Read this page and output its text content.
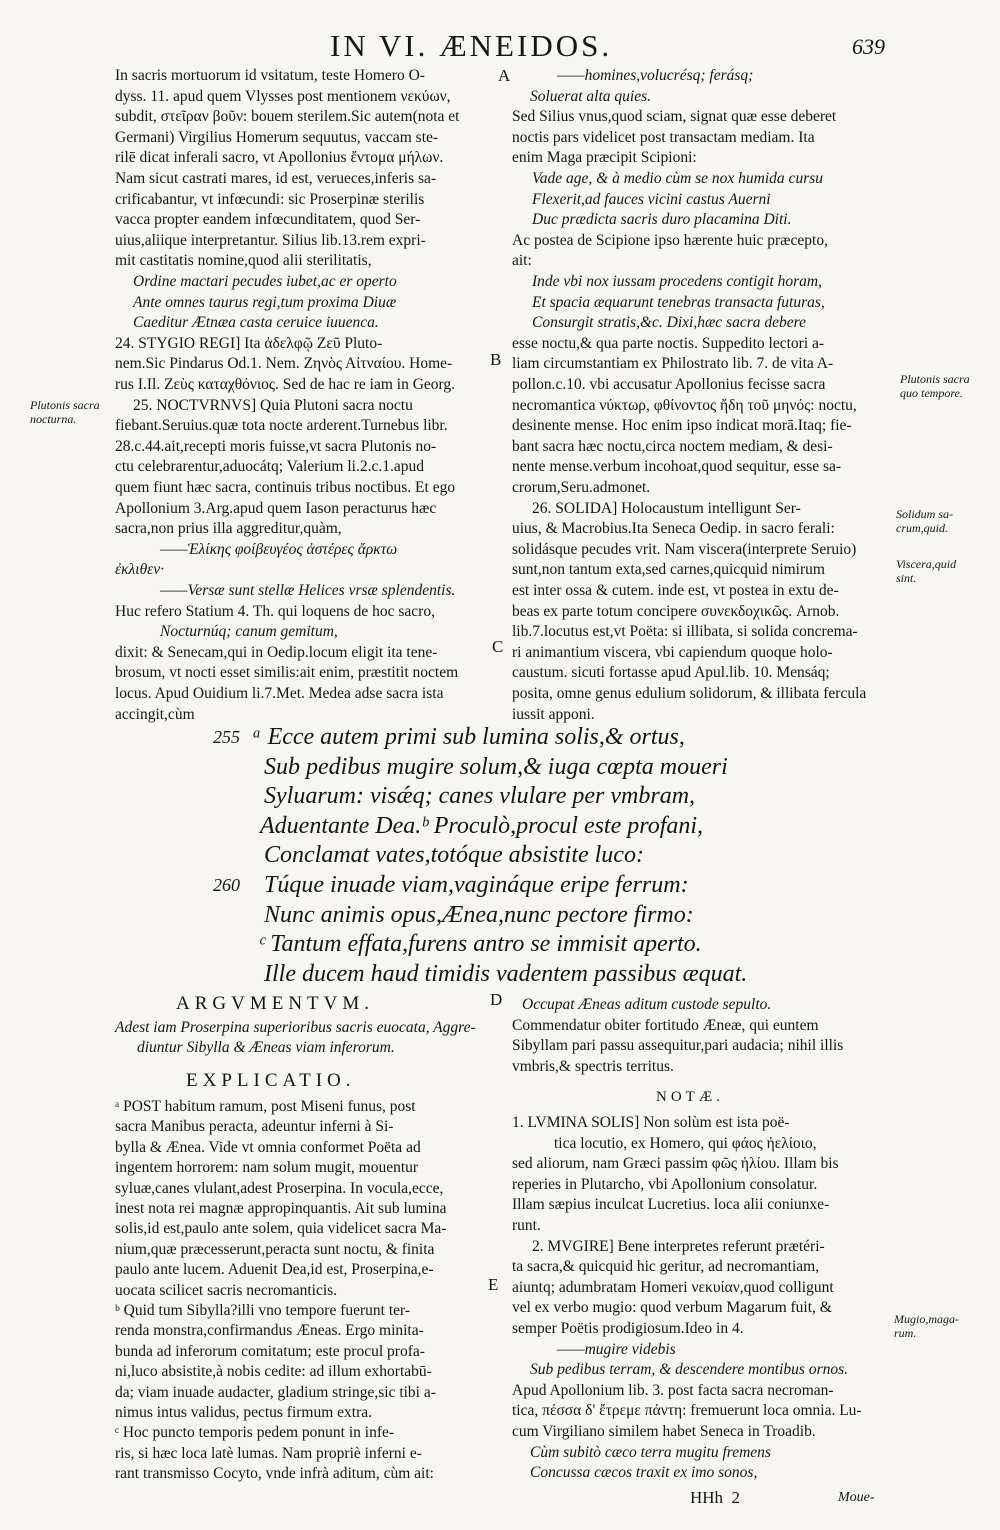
IN VI. ÆNEIDOS.	639
A
B
C
D
E
Plutonis sacra
nocturna.
Plutonis sacra
quo tempore.
Solidum sa-
crum,quid.
Viscera,quid
sint.
Mugio,maga-
rum.
In sacris mortuorum id vsitatum, teste Homero O-
dyss. 11. apud quem Vlysses post mentionem νεκύων,
subdit, στεῖραν βοῦν: bouem sterilem.Sic autem(nota et
Germani) Virgilius Homerum sequutus, vaccam ste-
rilē dicat inferali sacro, vt Apollonius ἔντομα μήλων.
Nam sicut castrati mares, id est, verueces,inferis sa-
crificabantur, vt infœcundi: sic Proserpinæ sterilis
vacca propter eandem infœcunditatem, quod Ser-
uius,aliique interpretantur. Silius lib.13.rem expri-
mit castitatis nomine,quod alii sterilitatis,
Ordine mactari pecudes iubet,ac er operto
Ante omnes taurus regi,tum proxima Diuæ
Caeditur Ætnæa casta ceruice iuuenca.
24. STYGIO REGI] Ita ἀδελφῷ Ζεῦ Pluto-
nem.Sic Pindarus Od.1. Nem. Ζηνὸς Αἰτναίου. Home-
rus I.Il. Ζεὺς καταχθόνιος. Sed de hac re iam in Georg.
25. NOCTVRNVS] Quia Plutoni sacra noctu
fiebant.Seruius.quæ tota nocte arderent.Turnebus libr.
28.c.44.ait,recepti moris fuisse,vt sacra Plutonis no-
ctu celebrarentur,aduocátq; Valerium li.2.c.1.apud
quem fiunt hæc sacra, continuis tribus noctibus. Et ego
Apollonium 3.Arg.apud quem Iason peracturus hæc
sacra,non prius illa aggreditur,quàm,
——Ἑλίκης φοίβευγέος ἀστέρες ἄρκτω
ἐκλιθεν·
——Versæ sunt stellæ Helices vrsæ splendentis.
Huc refero Statium 4. Th. qui loquens de hoc sacro,
Nocturnúq; canum gemitum,
dixit: & Senecam,qui in Oedip.locum eligit ita tene-
brosum, vt nocti esset similis:ait enim, præstitit noctem
locus. Apud Ouidium li.7.Met. Medea adse sacra ista
accingit,cùm
——homines,volucrésq; ferásq;
Soluerat alta quies.
Sed Silius vnus,quod sciam, signat quæ esse deberet
noctis pars videlicet post transactam mediam. Ita
enim Maga præcipit Scipioni:
Vade age, & à medio cùm se nox humida cursu
Flexerit,ad fauces vicini castus Auerni
Duc prædicta sacris duro placamina Diti.
Ac postea de Scipione ipso hærente huic præcepto,
ait:
Inde vbi nox iussam procedens contigit horam,
Et spacia æquarunt tenebras transacta futuras,
Consurgit stratis,&c. Dixi,hæc sacra debere
esse noctu,& qua parte noctis. Suppedito lectori a-
liam circumstantiam ex Philostrato lib. 7. de vita A-
pollon.c.10. vbi accusatur Apollonius fecisse sacra
necromantica νύκτωρ, φθίνοντος ἤδη τοῦ μηνός: noctu,
desinente mense. Hoc enim ipso indicat morā.Itaq; fie-
bant sacra hæc noctu,circa noctem mediam, & desi-
nente mense.verbum incohoat,quod sequitur, esse sa-
crorum,Seru.admonet.
26. SOLIDA] Holocaustum intelligunt Ser-
uius, & Macrobius.Ita Seneca Oedip. in sacro ferali:
solidásque pecudes vrit. Nam viscera(interprete Seruio)
sunt,non tantum exta,sed carnes,quicquid nimirum
est inter ossa & cutem. inde est, vt postea in extu de-
beas ex parte totum concipere συνεκδοχικῶς. Arnob.
lib.7.locutus est,vt Poëta: si illibata, si solida concrema-
ri animantium viscera, vbi capiendum quoque holo-
caustum. sicuti fortasse apud Apul.lib. 10. Mensáq;
posita, omne genus edulium solidorum, & illibata fercula
iussit apponi.
255
260
ᵃ Ecce autem primi sub lumina solis,& ortus,
Sub pedibus mugire solum,& iuga cœpta moueri
Syluarum: visǽq; canes vlulare per vmbram,
Aduentante Dea.ᵇ Proculò,procul este profani,
Conclamat vates,totóque absistite luco:
Túque inuade viam,vagináque eripe ferrum:
Nunc animis opus,Ænea,nunc pectore firmo:
ᶜ Tantum effata,furens antro se immisit aperto.
Ille ducem haud timidis vadentem passibus æquat.
ARGVMENTVM.
Adest iam Proserpina superioribus sacris euocata, Aggre-
diuntur Sibylla & Æneas viam inferorum.
EXPLICATIO.
ᵃ POST habitum ramum, post Miseni funus, post
sacra Manibus peracta, adeuntur inferni à Si-
bylla & Ænea. Vide vt omnia conformet Poëta ad
ingentem horrorem: nam solum mugit, mouentur
syluæ,canes vlulant,adest Proserpina. In vocula,ecce,
inest nota rei magnæ appropinquantis. Ait sub lumina
solis,id est,paulo ante solem, quia videlicet sacra Ma-
nium,quæ præcesserunt,peracta sunt noctu, & finita
paulo ante lucem. Aduenit Dea,id est, Proserpina,e-
uocata scilicet sacris necromanticis.
ᵇ Quid tum Sibylla?illi vno tempore fuerunt ter-
renda monstra,confirmandus Æneas. Ergo minita-
bunda ad inferorum comitatum; este procul profa-
ni,luco absistite,à nobis cedite: ad illum exhortabū-
da; viam inuade audacter, gladium stringe,sic tibi a-
nimus intus validus, pectus firmum extra.
ᶜ Hoc puncto temporis pedem ponunt in infe-
ris, si hæc loca latè lumas. Nam propriè inferni e-
rant transmisso Cocyto, vnde infrà aditum, cùm ait:
Occupat Æneas aditum custode sepulto.
Commendatur obiter fortitudo Æneæ, qui euntem
Sibyllam pari passu assequitur,pari audacia; nihil illis
vmbris,& spectris territus.
NOTÆ.
1. LVMINA SOLIS] Non solùm est ista poë-
tica locutio, ex Homero, qui φάος ἠελίοιο,
sed aliorum, nam Græci passim φῶς ἡλίου. Illam bis
reperies in Plutarcho, vbi Apollonium consolatur.
Illam sæpius inculcat Lucretius. loca alii coniunxe-
runt.
2. MVGIRE] Bene interpretes referunt prætéri-
ta sacra,& quicquid hic geritur, ad necromantiam,
aiuntq; adumbratam Homeri νεκυίαν,quod colligunt
vel ex verbo mugio: quod verbum Magarum fuit, &
semper Poëtis prodigiosum.Ideo in 4.
——mugire videbis
Sub pedibus terram, & descendere montibus ornos.
Apud Apollonium lib. 3. post facta sacra necroman-
tica, πέσσα δ' ἔτρεμε πάντη: fremuerunt loca omnia. Lu-
cum Virgiliano similem habet Seneca in Troadib.
Cùm subitò cæco terra mugitu fremens
Concussa cæcos traxit ex imo sonos,
HHh  2	Moue-
